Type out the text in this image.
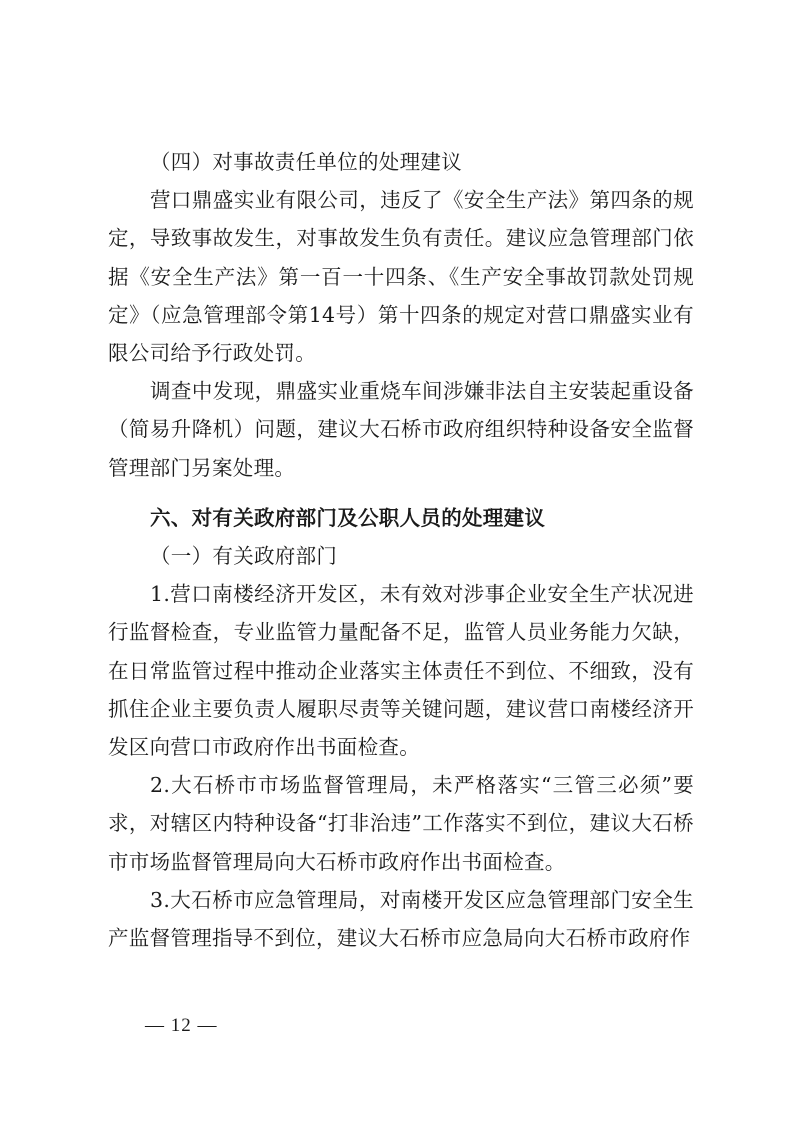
（四）对事故责任单位的处理建议

营口鼎盛实业有限公司，违反了《安全生产法》第四条的规定，导致事故发生，对事故发生负有责任。建议应急管理部门依据《安全生产法》第一百一十四条、《生产安全事故罚款处罚规定》（应急管理部令第14号）第十四条的规定对营口鼎盛实业有限公司给予行政处罚。

调查中发现，鼎盛实业重烧车间涉嫌非法自主安装起重设备（简易升降机）问题，建议大石桥市政府组织特种设备安全监督管理部门另案处理。

六、对有关政府部门及公职人员的处理建议

（一）有关政府部门

1.营口南楼经济开发区，未有效对涉事企业安全生产状况进行监督检查，专业监管力量配备不足，监管人员业务能力欠缺，在日常监管过程中推动企业落实主体责任不到位、不细致，没有抓住企业主要负责人履职尽责等关键问题，建议营口南楼经济开发区向营口市政府作出书面检查。

2.大石桥市市场监督管理局，未严格落实“三管三必须”要求，对辖区内特种设备“打非治违”工作落实不到位，建议大石桥市市场监督管理局向大石桥市政府作出书面检查。

3.大石桥市应急管理局，对南楼开发区应急管理部门安全生产监督管理指导不到位，建议大石桥市应急局向大石桥市政府作

— 12 —
